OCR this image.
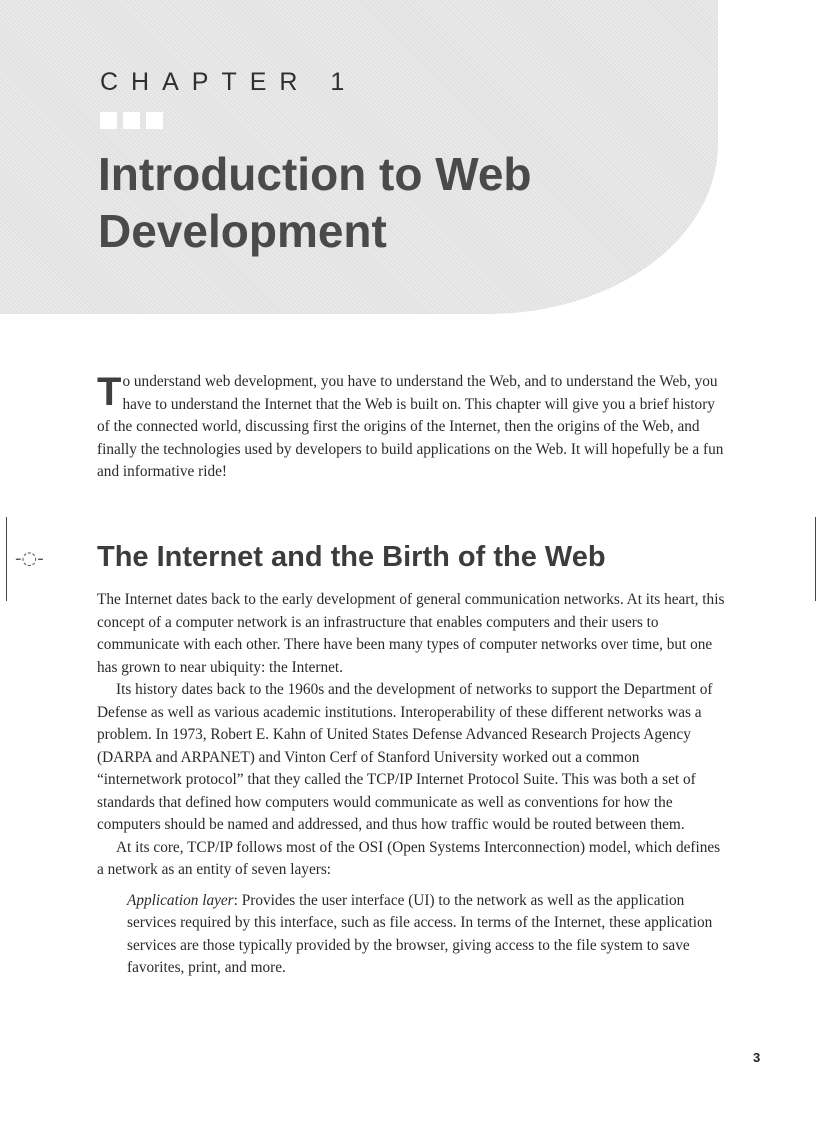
CHAPTER 1
Introduction to Web Development
-◌-

To understand web development, you have to understand the Web, and to understand the Web, you have to understand the Internet that the Web is built on. This chapter will give you a brief history of the connected world, discussing first the origins of the Internet, then the origins of the Web, and finally the technologies used by developers to build applications on the Web. It will hopefully be a fun and informative ride!

The Internet and the Birth of the Web

The Internet dates back to the early development of general communication networks. At its heart, this concept of a computer network is an infrastructure that enables computers and their users to communicate with each other. There have been many types of computer networks over time, but one has grown to near ubiquity: the Internet.

Its history dates back to the 1960s and the development of networks to support the Department of Defense as well as various academic institutions. Interoperability of these different networks was a problem. In 1973, Robert E. Kahn of United States Defense Advanced Research Projects Agency (DARPA and ARPANET) and Vinton Cerf of Stanford University worked out a common “internetwork protocol” that they called the TCP/IP Internet Protocol Suite. This was both a set of standards that defined how computers would communicate as well as conventions for how the computers should be named and addressed, and thus how traffic would be routed between them.

At its core, TCP/IP follows most of the OSI (Open Systems Interconnection) model, which defines a network as an entity of seven layers:

Application layer: Provides the user interface (UI) to the network as well as the application services required by this interface, such as file access. In terms of the Internet, these application services are those typically provided by the browser, giving access to the file system to save favorites, print, and more.

3
